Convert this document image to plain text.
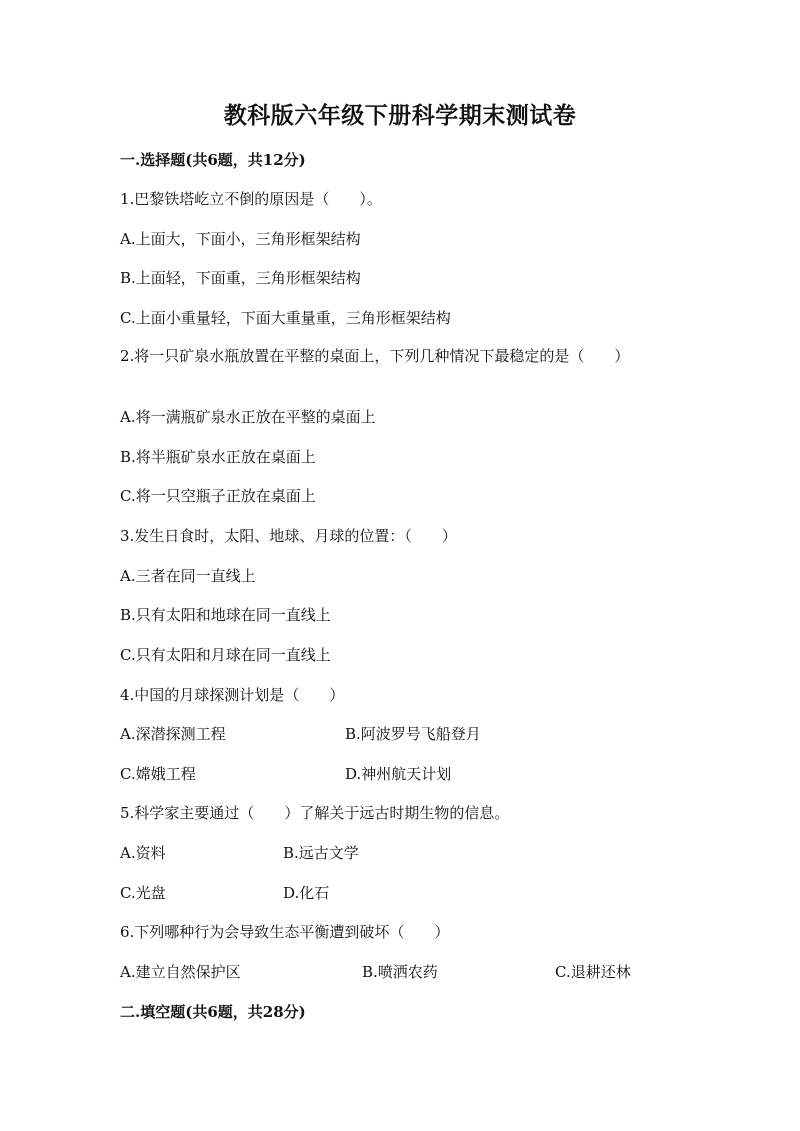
教科版六年级下册科学期末测试卷
一.选择题(共6题，共12分)
1.巴黎铁塔屹立不倒的原因是（　　）。
A.上面大，下面小，三角形框架结构
B.上面轻，下面重，三角形框架结构
C.上面小重量轻，下面大重量重，三角形框架结构
2.将一只矿泉水瓶放置在平整的桌面上，下列几种情况下最稳定的是（　　）
A.将一满瓶矿泉水正放在平整的桌面上
B.将半瓶矿泉水正放在桌面上
C.将一只空瓶子正放在桌面上
3.发生日食时，太阳、地球、月球的位置：（　　）
A.三者在同一直线上
B.只有太阳和地球在同一直线上
C.只有太阳和月球在同一直线上
4.中国的月球探测计划是（　　）
A.深潜探测工程	B.阿波罗号飞船登月
C.嫦娥工程	D.神州航天计划
5.科学家主要通过（　　）了解关于远古时期生物的信息。
A.资料	B.远古文学
C.光盘	D.化石
6.下列哪种行为会导致生态平衡遭到破坏（　　）
A.建立自然保护区	B.喷洒农药	C.退耕还林
二.填空题(共6题，共28分)
